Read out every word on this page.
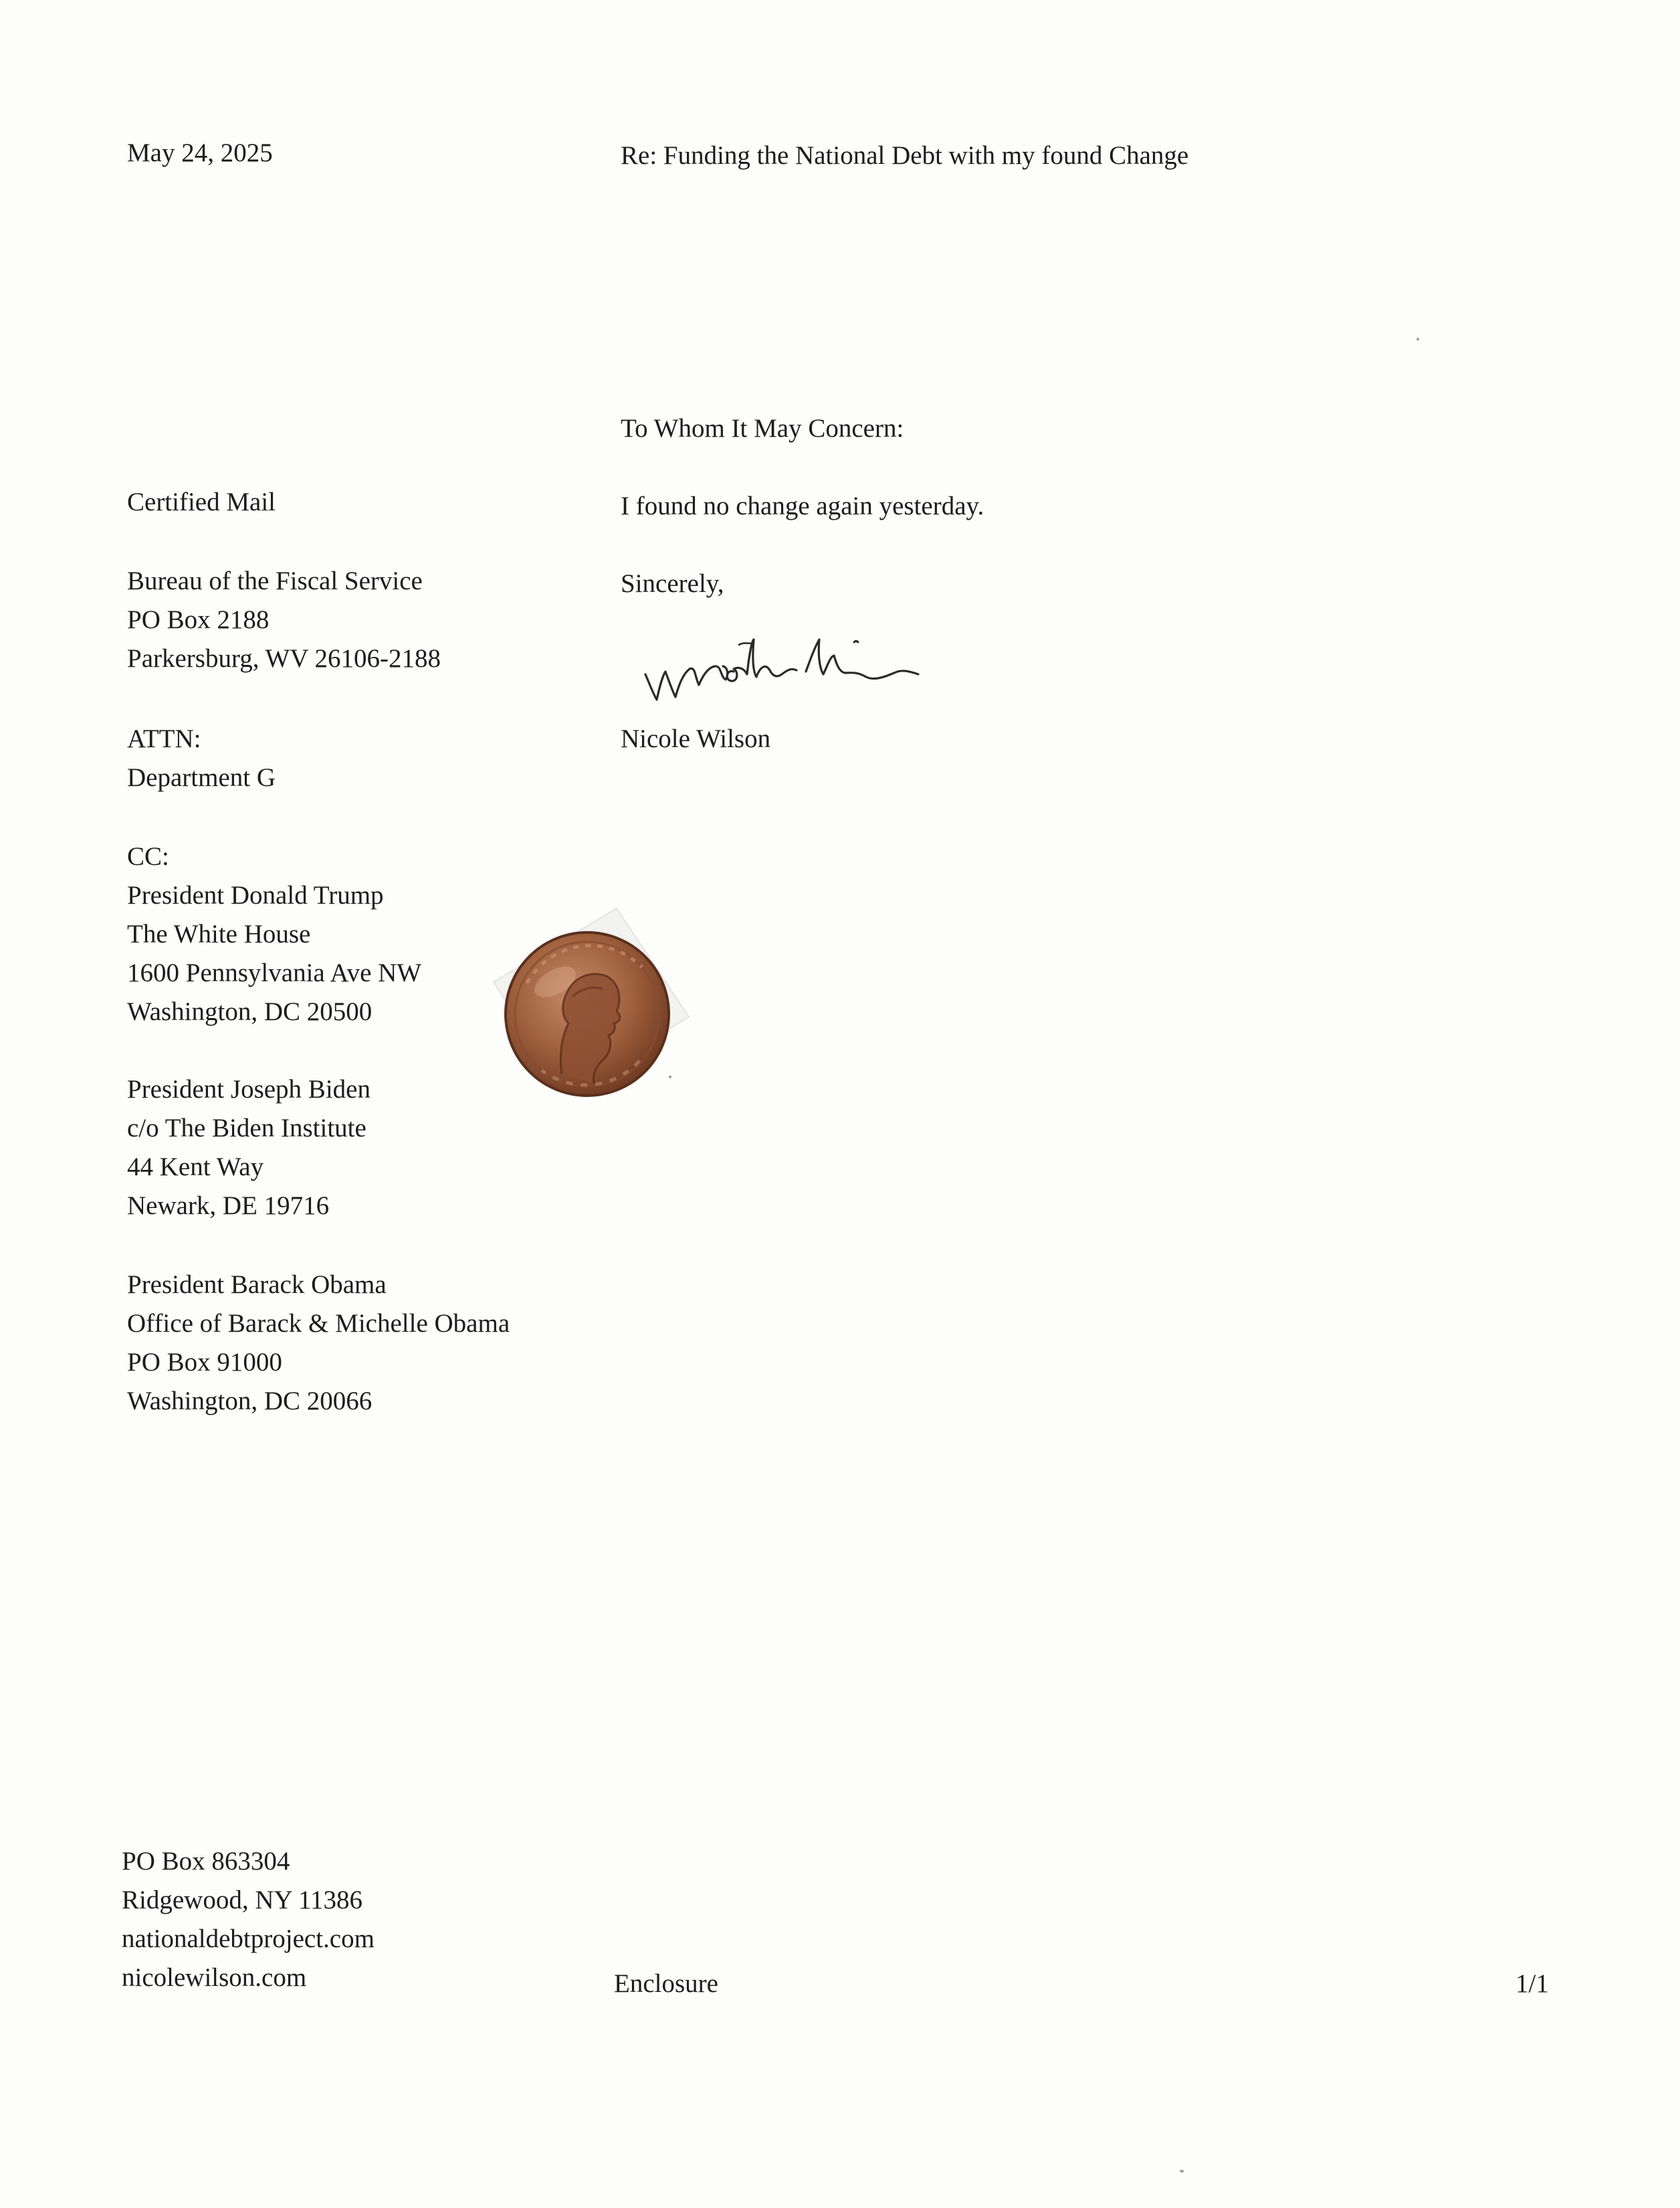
May 24, 2025	Re: Funding the National Debt with my found Change

To Whom It May Concern:

I found no change again yesterday.

Sincerely,

Nicole Wilson

Certified Mail

Bureau of the Fiscal Service
PO Box 2188
Parkersburg, WV 26106-2188
ATTN:
Department G
CC:
President Donald Trump
The White House
1600 Pennsylvania Ave NW
Washington, DC 20500
President Joseph Biden
c/o The Biden Institute
44 Kent Way
Newark, DE 19716
President Barack Obama
Office of Barack & Michelle Obama
PO Box 91000
Washington, DC 20066
PO Box 863304
Ridgewood, NY 11386
nationaldebtproject.com
nicolewilson.com	Enclosure	1/1
